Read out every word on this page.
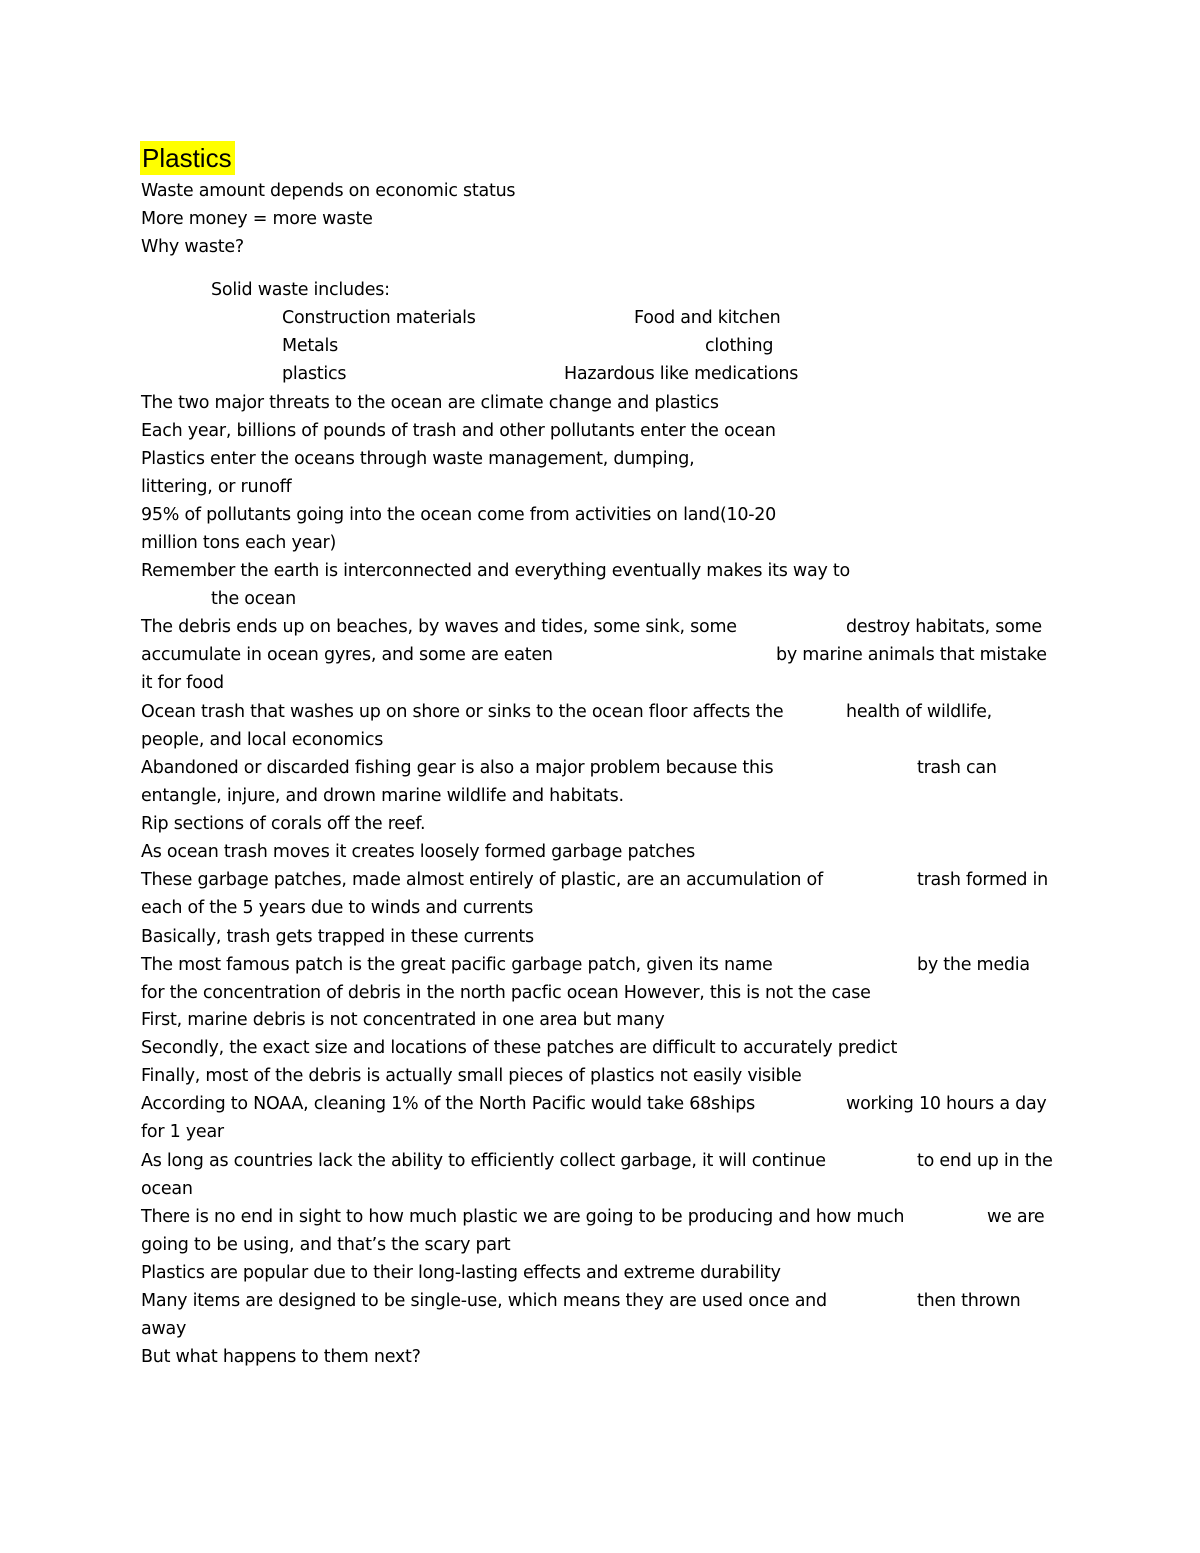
Plastics
Waste amount depends on economic status
More money = more waste
Why waste?
Solid waste includes:
Construction materials	Food and kitchen
Metals	clothing
plastics	Hazardous like medications
The two major threats to the ocean are climate change and plastics
Each year, billions of pounds of trash and other pollutants enter the ocean
Plastics enter the oceans through waste management, dumping,
littering, or runoff
95% of pollutants going into the ocean come from activities on land(10-20
million tons each year)
Remember the earth is interconnected and everything eventually makes its way to
the ocean
The debris ends up on beaches, by waves and tides, some sink, some	destroy habitats, some
accumulate in ocean gyres, and some are eaten	by marine animals that mistake
it for food
Ocean trash that washes up on shore or sinks to the ocean floor affects the	health of wildlife,
people, and local economics
Abandoned or discarded fishing gear is also a major problem because this	trash can
entangle, injure, and drown marine wildlife and habitats.
Rip sections of corals off the reef.
As ocean trash moves it creates loosely formed garbage patches
These garbage patches, made almost entirely of plastic, are an accumulation of	trash formed in
each of the 5 years due to winds and currents
Basically, trash gets trapped in these currents
The most famous patch is the great pacific garbage patch, given its name	by the media
for the concentration of debris in the north pacfic ocean However, this is not the case
First, marine debris is not concentrated in one area but many
Secondly, the exact size and locations of these patches are difficult to accurately predict
Finally, most of the debris is actually small pieces of plastics not easily visible
According to NOAA, cleaning 1% of the North Pacific would take 68ships	working 10 hours a day
for 1 year
As long as countries lack the ability to efficiently collect garbage, it will continue	to end up in the
ocean
There is no end in sight to how much plastic we are going to be producing and how much	we are
going to be using, and that’s the scary part
Plastics are popular due to their long-lasting effects and extreme durability
Many items are designed to be single-use, which means they are used once and	then thrown
away
But what happens to them next?
